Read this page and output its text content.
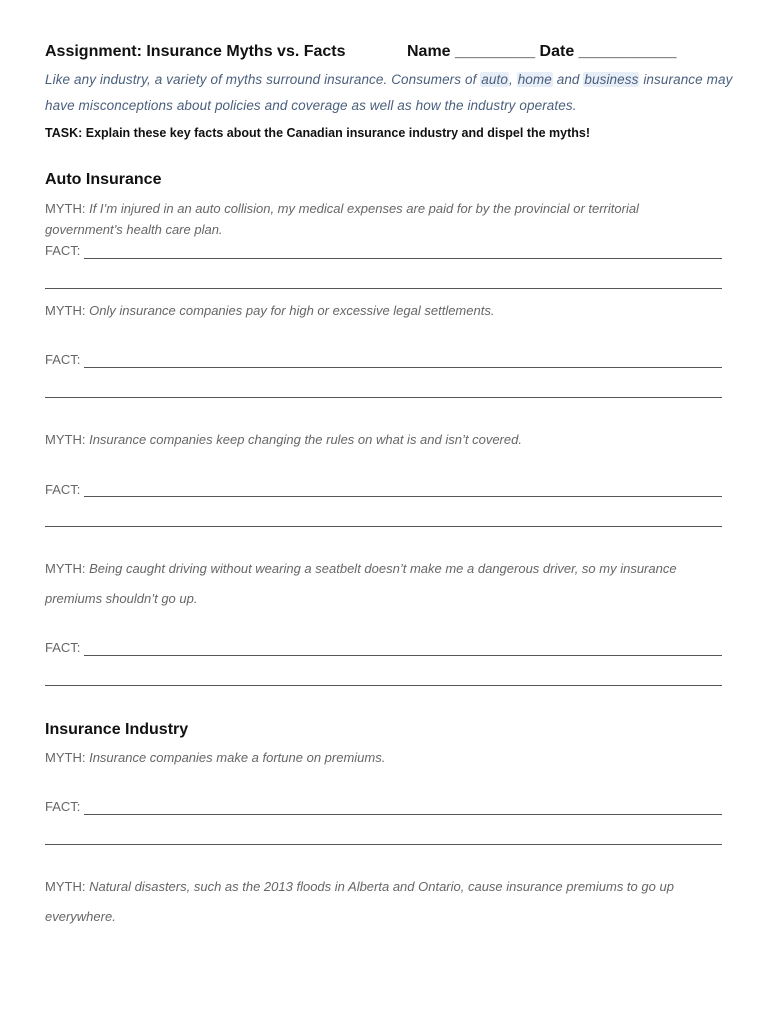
Assignment: Insurance Myths vs. Facts	Name _________ Date ___________
Like any industry, a variety of myths surround insurance. Consumers of auto, home and business insurance may
have misconceptions about policies and coverage as well as how the industry operates.
TASK: Explain these key facts about the Canadian insurance industry and dispel the myths!
Auto Insurance
MYTH: If I’m injured in an auto collision, my medical expenses are paid for by the provincial or territorial
government’s health care plan.
FACT:
MYTH: Only insurance companies pay for high or excessive legal settlements.
FACT:
MYTH: Insurance companies keep changing the rules on what is and isn’t covered.
FACT:
MYTH: Being caught driving without wearing a seatbelt doesn’t make me a dangerous driver, so my insurance
premiums shouldn’t go up.
FACT:
Insurance Industry
MYTH: Insurance companies make a fortune on premiums.
FACT:
MYTH: Natural disasters, such as the 2013 floods in Alberta and Ontario, cause insurance premiums to go up
everywhere.
